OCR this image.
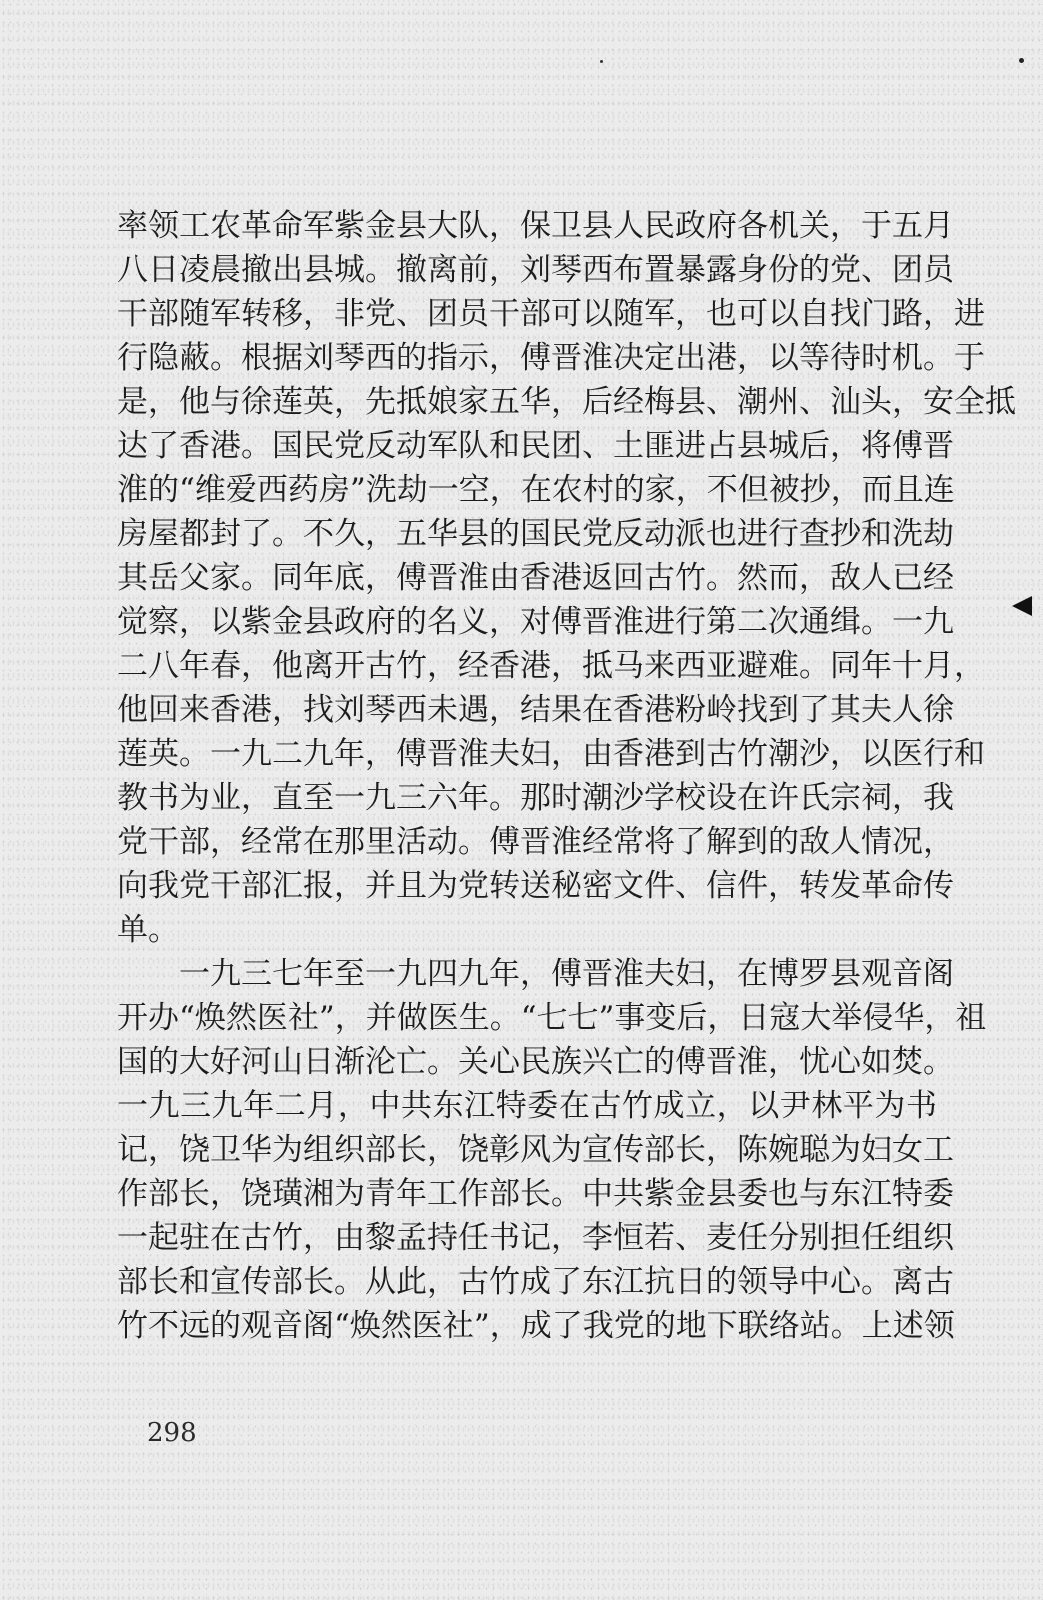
率领工农革命军紫金县大队，保卫县人民政府各机关，于五月
八日凌晨撤出县城。撤离前，刘琴西布置暴露身份的党、团员
干部随军转移，非党、团员干部可以随军，也可以自找门路，进
行隐蔽。根据刘琴西的指示，傅晋淮决定出港，以等待时机。于
是，他与徐莲英，先抵娘家五华，后经梅县、潮州、汕头，安全抵
达了香港。国民党反动军队和民团、土匪进占县城后，将傅晋
淮的“维爱西药房”洗劫一空，在农村的家，不但被抄，而且连
房屋都封了。不久，五华县的国民党反动派也进行查抄和洗劫
其岳父家。同年底，傅晋淮由香港返回古竹。然而，敌人已经
觉察，以紫金县政府的名义，对傅晋淮进行第二次通缉。一九
二八年春，他离开古竹，经香港，抵马来西亚避难。同年十月，
他回来香港，找刘琴西未遇，结果在香港粉岭找到了其夫人徐
莲英。一九二九年，傅晋淮夫妇，由香港到古竹潮沙，以医行和
教书为业，直至一九三六年。那时潮沙学校设在许氏宗祠，我
党干部，经常在那里活动。傅晋淮经常将了解到的敌人情况，
向我党干部汇报，并且为党转送秘密文件、信件，转发革命传
单。
一九三七年至一九四九年，傅晋淮夫妇，在博罗县观音阁
开办“焕然医社”，并做医生。“七七”事变后，日寇大举侵华，祖
国的大好河山日渐沦亡。关心民族兴亡的傅晋淮，忧心如焚。
一九三九年二月，中共东江特委在古竹成立，以尹林平为书
记，饶卫华为组织部长，饶彰风为宣传部长，陈婉聪为妇女工
作部长，饶璜湘为青年工作部长。中共紫金县委也与东江特委
一起驻在古竹，由黎孟持任书记，李恒若、麦任分别担任组织
部长和宣传部长。从此，古竹成了东江抗日的领导中心。离古
竹不远的观音阁“焕然医社”，成了我党的地下联络站。上述领
298
